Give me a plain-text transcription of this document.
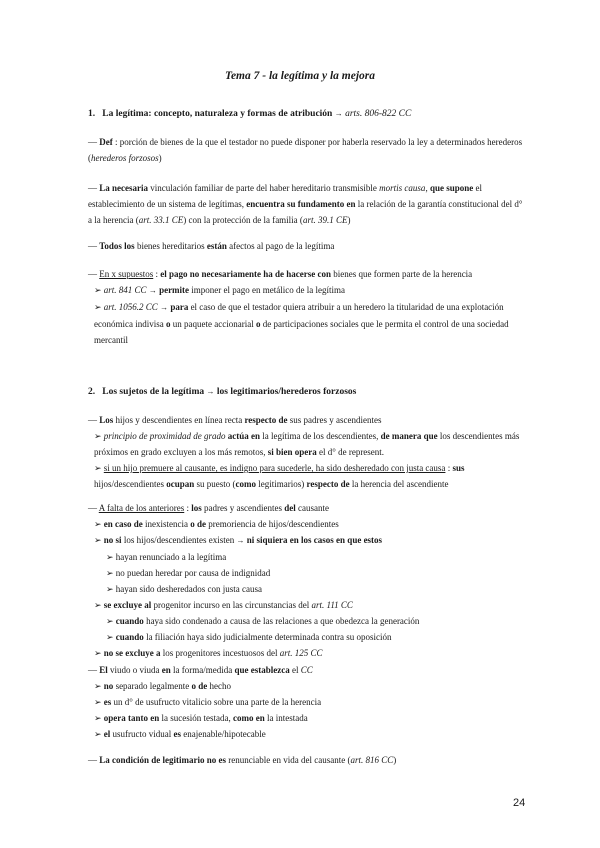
Tema 7 - la legítima y la mejora
1. La legítima: concepto, naturaleza y formas de atribución → arts. 806-822 CC
— Def : porción de bienes de la que el testador no puede disponer por haberla reservado la ley a determinados herederos (herederos forzosos)
— La necesaria vinculación familiar de parte del haber hereditario transmisible mortis causa, que supone el establecimiento de un sistema de legítimas, encuentra su fundamento en la relación de la garantía constitucional del d° a la herencia (art. 33.1 CE) con la protección de la familia (art. 39.1 CE)
— Todos los bienes hereditarios están afectos al pago de la legítima
— En x supuestos : el pago no necesariamente ha de hacerse con bienes que formen parte de la herencia
➢ art. 841 CC → permite imponer el pago en metálico de la legítima
➢ art. 1056.2 CC → para el caso de que el testador quiera atribuir a un heredero la titularidad de una explotación económica indivisa o un paquete accionarial o de participaciones sociales que le permita el control de una sociedad mercantil
2. Los sujetos de la legítima → los legitimarios/herederos forzosos
— Los hijos y descendientes en línea recta respecto de sus padres y ascendientes
➢ principio de proximidad de grado actúa en la legítima de los descendientes, de manera que los descendientes más próximos en grado excluyen a los más remotos, si bien opera el d° de represent.
➢ si un hijo premuere al causante, es indigno para sucederle, ha sido desheredado con justa causa : sus hijos/descendientes ocupan su puesto (como legitimarios) respecto de la herencia del ascendiente
— A falta de los anteriores : los padres y ascendientes del causante
➢ en caso de inexistencia o de premoriencia de hijos/descendientes
➢ no si los hijos/descendientes existen → ni siquiera en los casos en que estos
➢ hayan renunciado a la legítima
➢ no puedan heredar por causa de indignidad
➢ hayan sido desheredados con justa causa
➢ se excluye al progenitor incurso en las circunstancias del art. 111 CC
➢ cuando haya sido condenado a causa de las relaciones a que obedezca la generación
➢ cuando la filiación haya sido judicialmente determinada contra su oposición
➢ no se excluye a los progenitores incestuosos del art. 125 CC
— El viudo o viuda en la forma/medida que establezca el CC
➢ no separado legalmente o de hecho
➢ es un d° de usufructo vitalicio sobre una parte de la herencia
➢ opera tanto en la sucesión testada, como en la intestada
➢ el usufructo vidual es enajenable/hipotecable
— La condición de legitimario no es renunciable en vida del causante (art. 816 CC)
24
